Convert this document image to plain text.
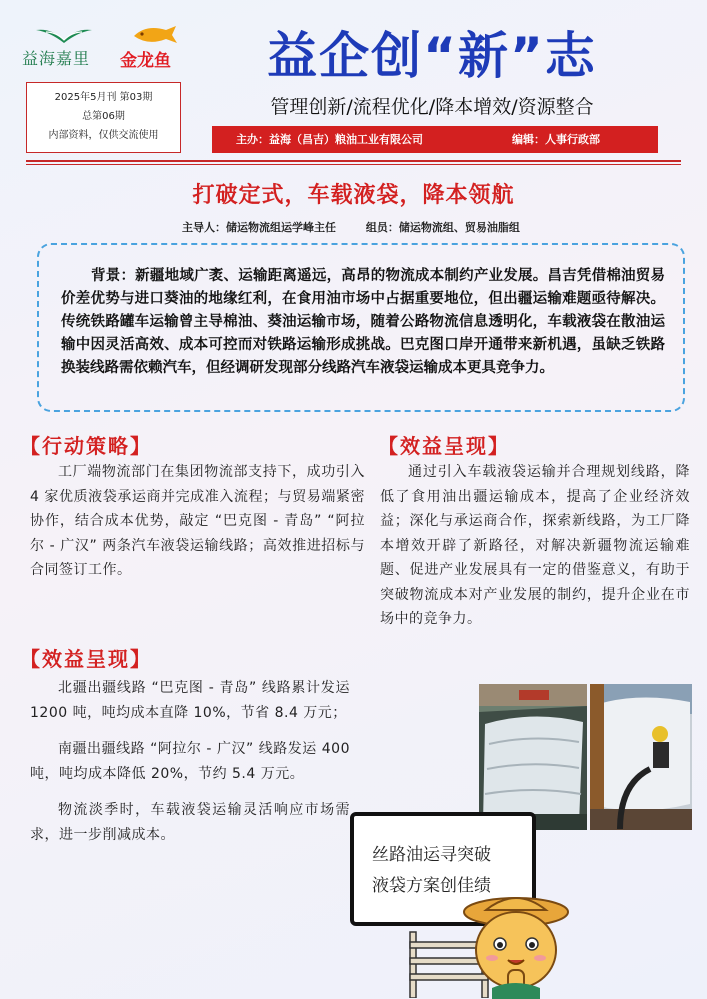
益海嘉里 金龙鱼
2025年5月刊 第03期
总第06期
内部资料，仅供交流使用
益企创“新”志
管理创新/流程优化/降本增效/资源整合
主办：益海（昌吉）粮油工业有限公司	编辑：人事行政部
打破定式，车载液袋，降本领航
主导人：储运物流组运学峰主任	组员：储运物流组、贸易油脂组

背景：新疆地域广袤、运输距离遥远，高昂的物流成本制约产业发展。昌吉凭借棉油贸易价差优势与进口葵油的地缘红利，在食用油市场中占据重要地位，但出疆运输难题亟待解决。传统铁路罐车运输曾主导棉油、葵油运输市场，随着公路物流信息透明化，车载液袋在散油运输中因灵活高效、成本可控而对铁路运输形成挑战。巴克图口岸开通带来新机遇，虽缺乏铁路换装线路需依赖汽车，但经调研发现部分线路汽车液袋运输成本更具竞争力。

【行动策略】

工厂端物流部门在集团物流部支持下，成功引入 4 家优质液袋承运商并完成准入流程；与贸易端紧密协作，结合成本优势，敲定 “巴克图 - 青岛” “阿拉尔 - 广汉” 两条汽车液袋运输线路；高效推进招标与合同签订工作。

【效益呈现】

北疆出疆线路 “巴克图 - 青岛” 线路累计发运 1200 吨，吨均成本直降 10%，节省 8.4 万元；

南疆出疆线路 “阿拉尔 - 广汉” 线路发运 400 吨，吨均成本降低 20%，节约 5.4 万元。

物流淡季时，车载液袋运输灵活响应市场需求，进一步削减成本。

【效益呈现】

通过引入车载液袋运输并合理规划线路，降低了食用油出疆运输成本，提高了企业经济效益；深化与承运商合作，探索新线路，为工厂降本增效开辟了新路径，对解决新疆物流运输难题、促进产业发展具有一定的借鉴意义，有助于突破物流成本对产业发展的制约，提升企业在市场中的竞争力。

丝路油运寻突破
液袋方案创佳绩
